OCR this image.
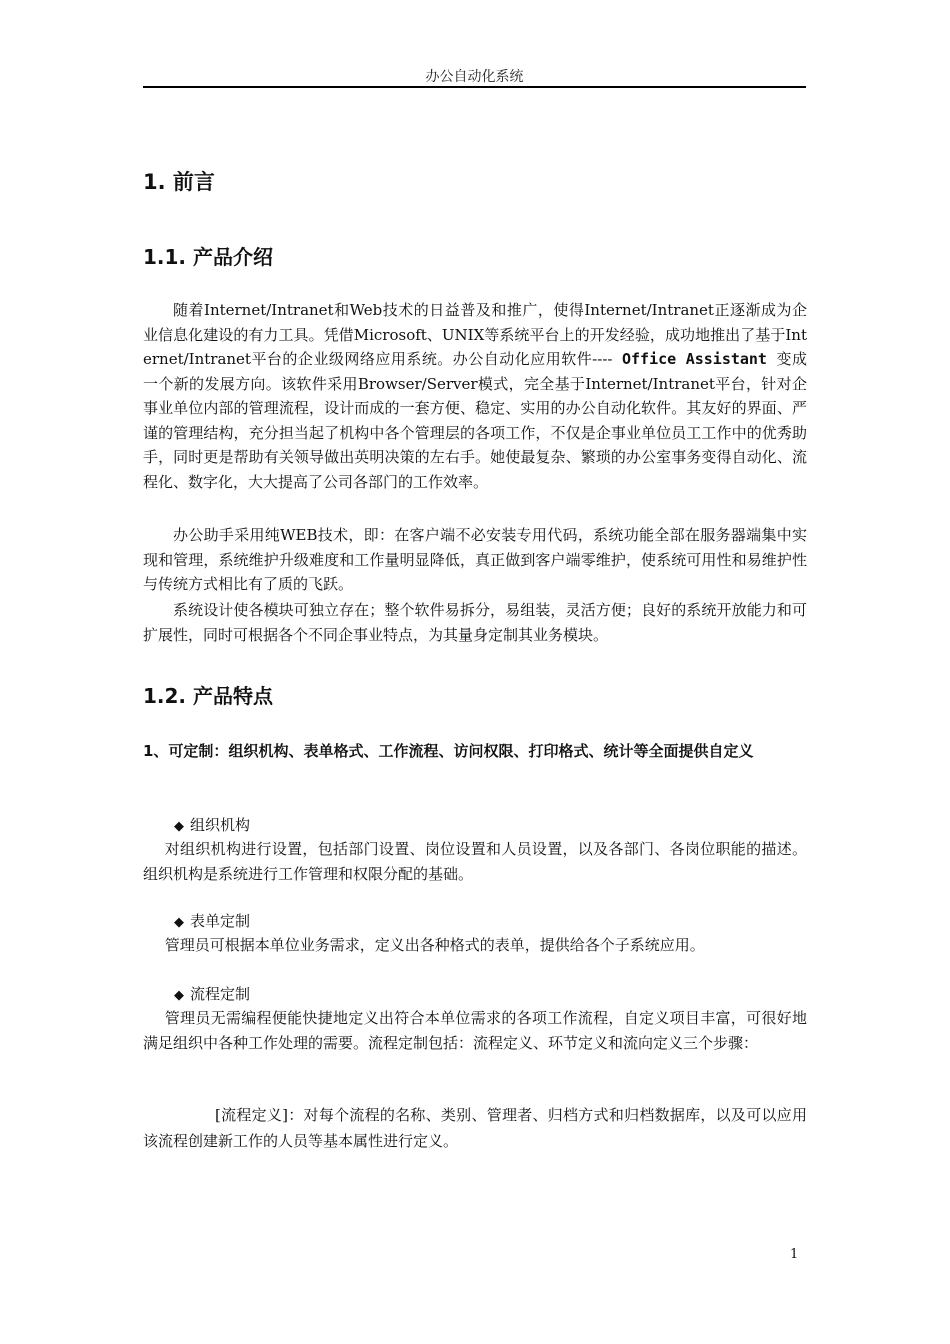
办公自动化系统
1. 前言
1.1. 产品介绍
随着Internet/Intranet和Web技术的日益普及和推广，使得Internet/Intranet正逐渐成为企业信息化建设的有力工具。凭借Microsoft、UNIX等系统平台上的开发经验，成功地推出了基于Internet/Intranet平台的企业级网络应用系统。办公自动化应用软件---- Office Assistant 变成一个新的发展方向。该软件采用Browser/Server模式，完全基于Internet/Intranet平台，针对企事业单位内部的管理流程，设计而成的一套方便、稳定、实用的办公自动化软件。其友好的界面、严谨的管理结构，充分担当起了机构中各个管理层的各项工作，不仅是企事业单位员工工作中的优秀助手，同时更是帮助有关领导做出英明决策的左右手。她使最复杂、繁琐的办公室事务变得自动化、流程化、数字化，大大提高了公司各部门的工作效率。
办公助手采用纯WEB技术，即：在客户端不必安装专用代码，系统功能全部在服务器端集中实现和管理，系统维护升级难度和工作量明显降低，真正做到客户端零维护，使系统可用性和易维护性与传统方式相比有了质的飞跃。
系统设计使各模块可独立存在；整个软件易拆分，易组装，灵活方便；良好的系统开放能力和可扩展性，同时可根据各个不同企事业特点，为其量身定制其业务模块。
1.2. 产品特点
1、可定制：组织机构、表单格式、工作流程、访问权限、打印格式、统计等全面提供自定义
◆ 组织机构
对组织机构进行设置，包括部门设置、岗位设置和人员设置，以及各部门、各岗位职能的描述。组织机构是系统进行工作管理和权限分配的基础。
◆ 表单定制
管理员可根据本单位业务需求，定义出各种格式的表单，提供给各个子系统应用。
◆ 流程定制
管理员无需编程便能快捷地定义出符合本单位需求的各项工作流程，自定义项目丰富，可很好地满足组织中各种工作处理的需要。流程定制包括：流程定义、环节定义和流向定义三个步骤：
[流程定义]：对每个流程的名称、类别、管理者、归档方式和归档数据库，以及可以应用该流程创建新工作的人员等基本属性进行定义。
1
